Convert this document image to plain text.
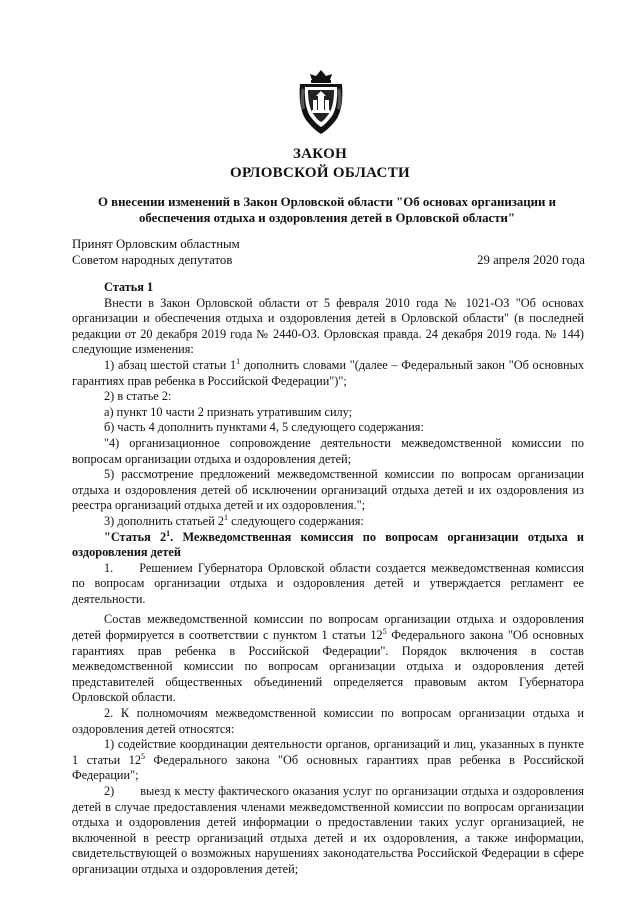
ЗАКОН
ОРЛОВСКОЙ ОБЛАСТИ
О внесении изменений в Закон Орловской области "Об основах организации и обеспечения отдыха и оздоровления детей в Орловской области"
Принят Орловским областным
Советом народных депутатов	29 апреля 2020 года

Статья 1

Внести в Закон Орловской области от 5 февраля 2010 года № 1021-ОЗ "Об основах организации и обеспечения отдыха и оздоровления детей в Орловской области" (в последней редакции от 20 декабря 2019 года № 2440-ОЗ. Орловская правда. 24 декабря 2019 года. № 144) следующие изменения:

1) абзац шестой статьи $1^1$ дополнить словами "(далее – Федеральный закон "Об основных гарантиях прав ребенка в Российской Федерации")";

2) в статье 2:

а) пункт 10 части 2 признать утратившим силу;

б) часть 4 дополнить пунктами 4, 5 следующего содержания:

"4) организационное сопровождение деятельности межведомственной комиссии по вопросам организации отдыха и оздоровления детей;

5) рассмотрение предложений межведомственной комиссии по вопросам организации отдыха и оздоровления детей об исключении организаций отдыха детей и их оздоровления из реестра организаций отдыха детей и их оздоровления.";

3) дополнить статьей $2^1$ следующего содержания:

"Статья $2^1$. Межведомственная комиссия по вопросам организации отдыха и оздоровления детей

1. Решением Губернатора Орловской области создается межведомственная комиссия по вопросам организации отдыха и оздоровления детей и утверждается регламент ее деятельности.

Состав межведомственной комиссии по вопросам организации отдыха и оздоровления детей формируется в соответствии с пунктом 1 статьи $12^5$ Федерального закона "Об основных гарантиях прав ребенка в Российской Федерации". Порядок включения в состав межведомственной комиссии по вопросам организации отдыха и оздоровления детей представителей общественных объединений определяется правовым актом Губернатора Орловской области.

2. К полномочиям межведомственной комиссии по вопросам организации отдыха и оздоровления детей относятся:

1) содействие координации деятельности органов, организаций и лиц, указанных в пункте 1 статьи $12^5$ Федерального закона "Об основных гарантиях прав ребенка в Российской Федерации";

2) выезд к месту фактического оказания услуг по организации отдыха и оздоровления детей в случае предоставления членами межведомственной комиссии по вопросам организации отдыха и оздоровления детей информации о предоставлении таких услуг организацией, не включенной в реестр организаций отдыха детей и их оздоровления, а также информации, свидетельствующей о возможных нарушениях законодательства Российской Федерации в сфере организации отдыха и оздоровления детей;
